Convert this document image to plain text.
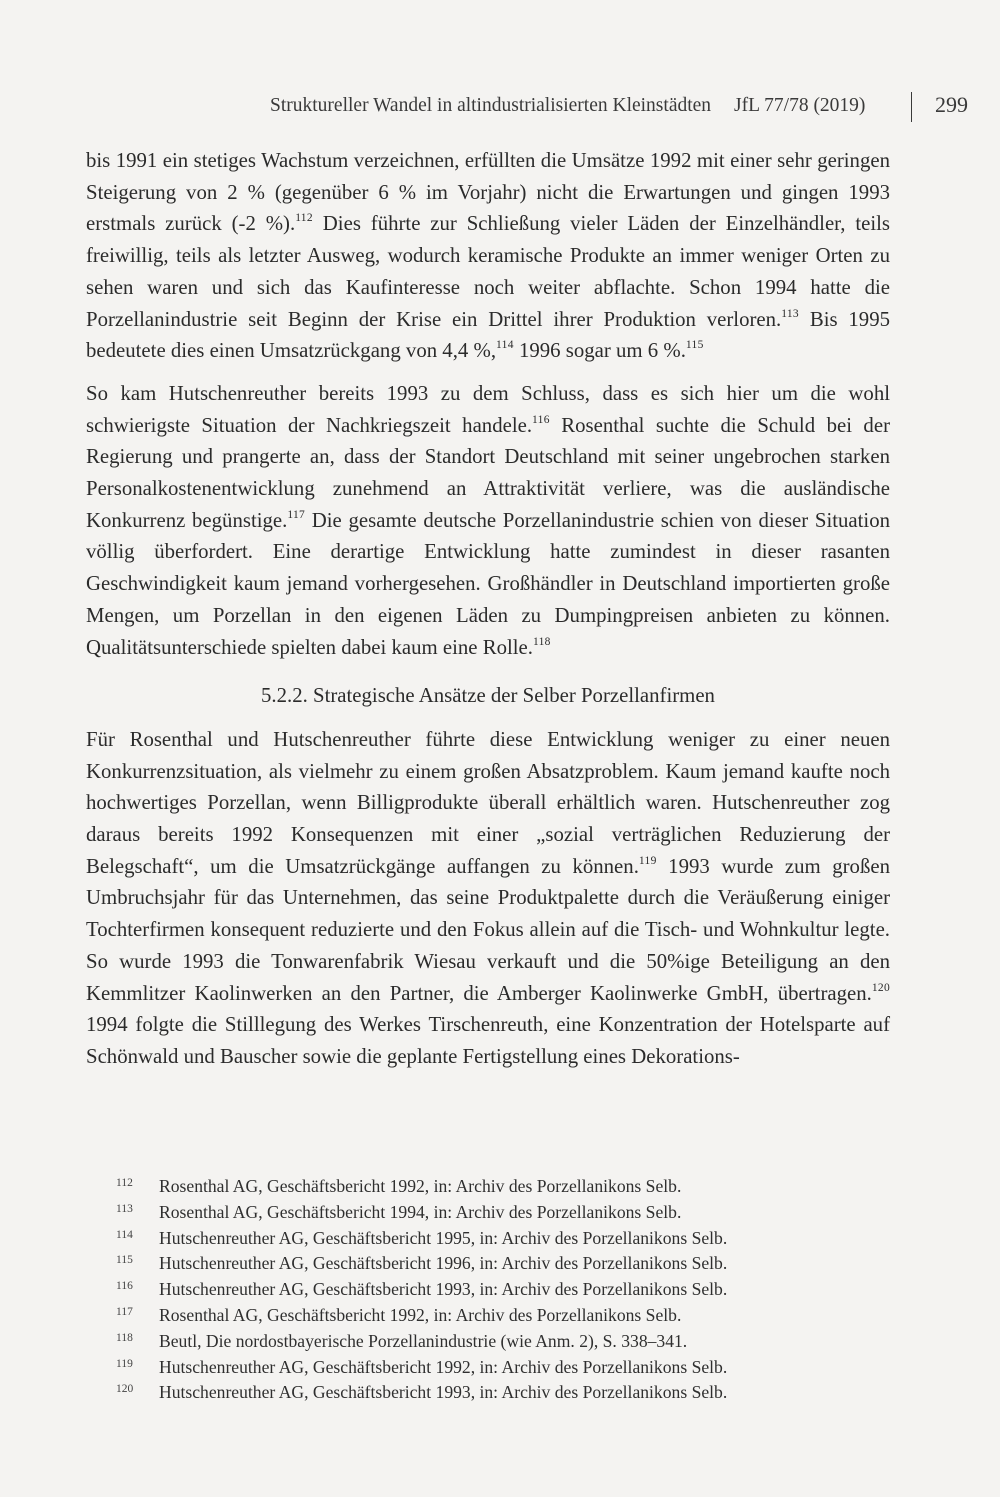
Struktureller Wandel in altindustrialisierten Kleinstädten JfL 77/78 (2019)	299

bis 1991 ein stetiges Wachstum verzeichnen, erfüllten die Umsätze 1992 mit einer sehr geringen Steigerung von 2 % (gegenüber 6 % im Vorjahr) nicht die Erwartungen und gingen 1993 erstmals zurück (-2 %).$^{112}$ Dies führte zur Schließung vieler Läden der Einzelhändler, teils freiwillig, teils als letzter Ausweg, wodurch keramische Produkte an immer weniger Orten zu sehen waren und sich das Kaufinteresse noch weiter abflachte. Schon 1994 hatte die Porzellanindustrie seit Beginn der Krise ein Drittel ihrer Produktion verloren.$^{113}$ Bis 1995 bedeutete dies einen Umsatzrückgang von 4,4 %,$^{114}$ 1996 sogar um 6 %.$^{115}$

So kam Hutschenreuther bereits 1993 zu dem Schluss, dass es sich hier um die wohl schwierigste Situation der Nachkriegszeit handele.$^{116}$ Rosenthal suchte die Schuld bei der Regierung und prangerte an, dass der Standort Deutschland mit seiner ungebrochen starken Personalkostenentwicklung zunehmend an Attraktivität verliere, was die ausländische Konkurrenz begünstige.$^{117}$ Die gesamte deutsche Porzellanindustrie schien von dieser Situation völlig überfordert. Eine derartige Entwicklung hatte zumindest in dieser rasanten Geschwindigkeit kaum jemand vorhergesehen. Großhändler in Deutschland importierten große Mengen, um Porzellan in den eigenen Läden zu Dumpingpreisen anbieten zu können. Qualitätsunterschiede spielten dabei kaum eine Rolle.$^{118}$

5.2.2. Strategische Ansätze der Selber Porzellanfirmen

Für Rosenthal und Hutschenreuther führte diese Entwicklung weniger zu einer neuen Konkurrenzsituation, als vielmehr zu einem großen Absatzproblem. Kaum jemand kaufte noch hochwertiges Porzellan, wenn Billigprodukte überall erhältlich waren. Hutschenreuther zog daraus bereits 1992 Konsequenzen mit einer „sozial verträglichen Reduzierung der Belegschaft“, um die Umsatzrückgänge auffangen zu können.$^{119}$ 1993 wurde zum großen Umbruchsjahr für das Unternehmen, das seine Produktpalette durch die Veräußerung einiger Tochterfirmen konsequent reduzierte und den Fokus allein auf die Tisch- und Wohnkultur legte. So wurde 1993 die Tonwarenfabrik Wiesau verkauft und die 50%ige Beteiligung an den Kemmlitzer Kaolinwerken an den Partner, die Amberger Kaolinwerke GmbH, übertragen.$^{120}$ 1994 folgte die Stilllegung des Werkes Tirschenreuth, eine Konzentration der Hotelsparte auf Schönwald und Bauscher sowie die geplante Fertigstellung eines Dekorations-

112 Rosenthal AG, Geschäftsbericht 1992, in: Archiv des Porzellanikons Selb.
113 Rosenthal AG, Geschäftsbericht 1994, in: Archiv des Porzellanikons Selb.
114 Hutschenreuther AG, Geschäftsbericht 1995, in: Archiv des Porzellanikons Selb.
115 Hutschenreuther AG, Geschäftsbericht 1996, in: Archiv des Porzellanikons Selb.
116 Hutschenreuther AG, Geschäftsbericht 1993, in: Archiv des Porzellanikons Selb.
117 Rosenthal AG, Geschäftsbericht 1992, in: Archiv des Porzellanikons Selb.
118 Beutl, Die nordostbayerische Porzellanindustrie (wie Anm. 2), S. 338–341.
119 Hutschenreuther AG, Geschäftsbericht 1992, in: Archiv des Porzellanikons Selb.
120 Hutschenreuther AG, Geschäftsbericht 1993, in: Archiv des Porzellanikons Selb.
